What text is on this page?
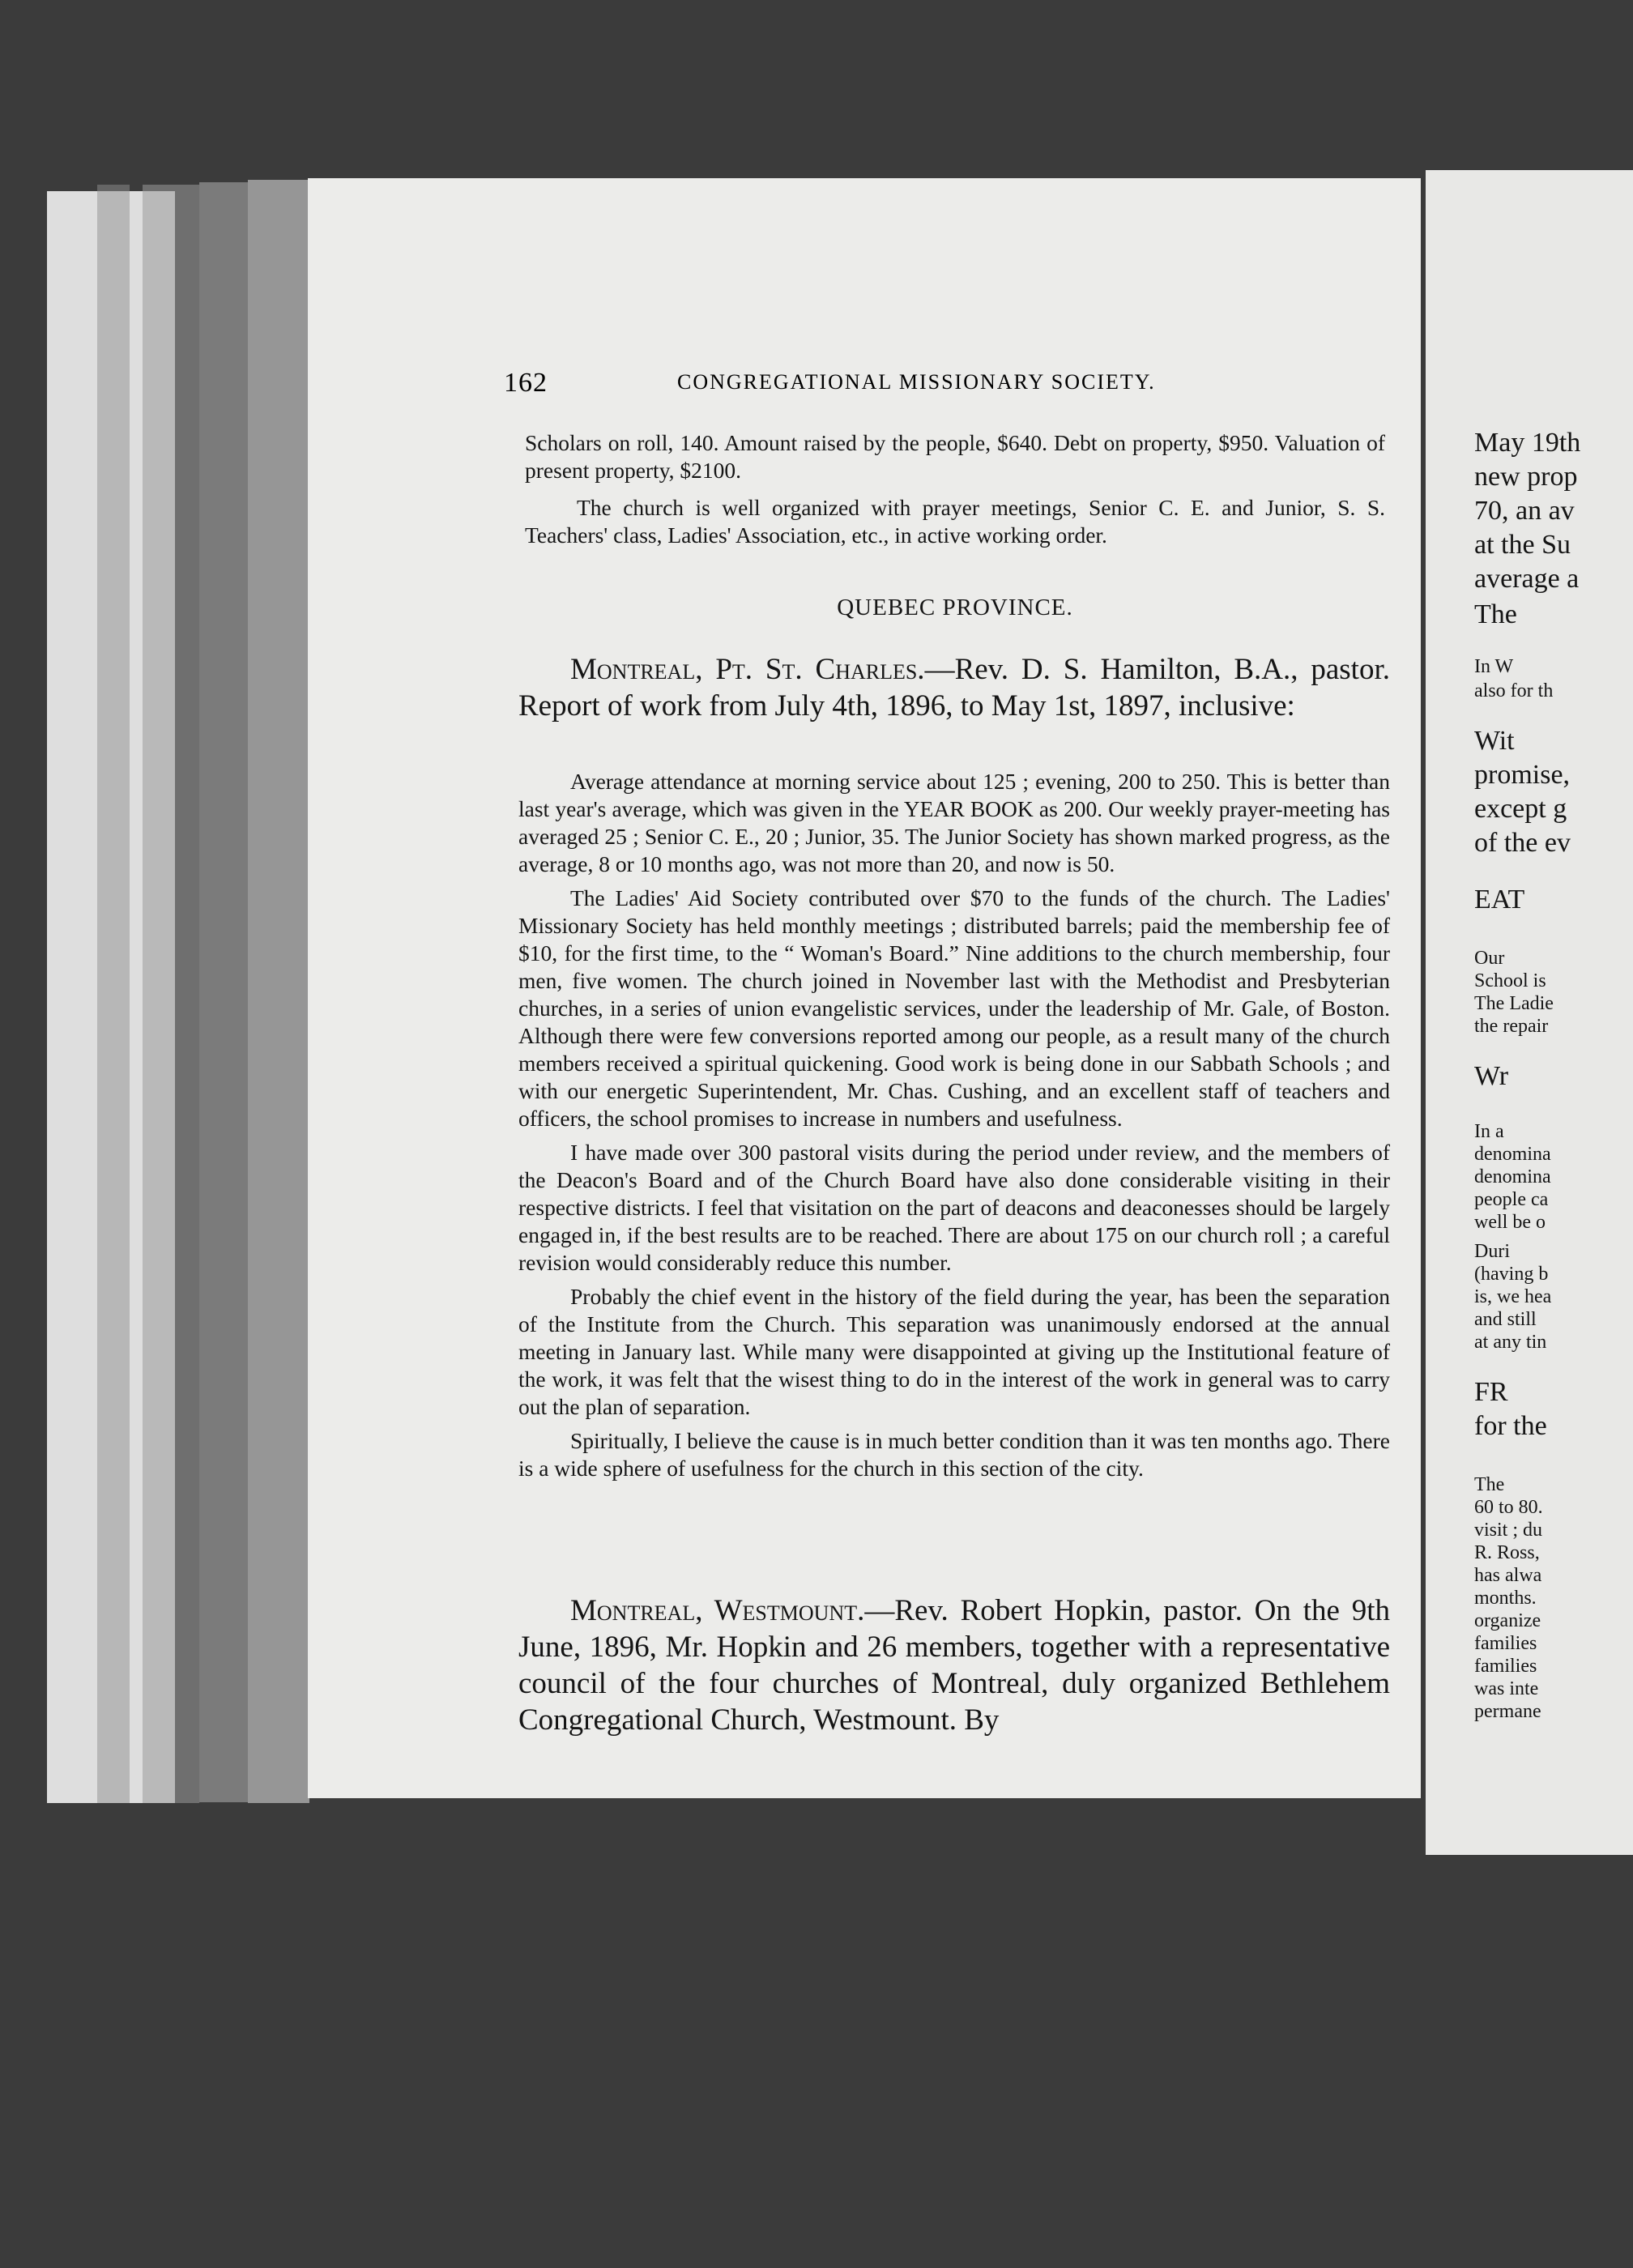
162	CONGREGATIONAL MISSIONARY SOCIETY.

Scholars on roll, 140. Amount raised by the people, $640. Debt on property, $950. Valuation of present property, $2100.

The church is well organized with prayer meetings, Senior C. E. and Junior, S. S. Teachers' class, Ladies' Association, etc., in active working order.

QUEBEC PROVINCE.

Montreal, Pt. St. Charles.—Rev. D. S. Hamilton, B.A., pastor. Report of work from July 4th, 1896, to May 1st, 1897, inclusive:

Average attendance at morning service about 125 ; evening, 200 to 250. This is better than last year's average, which was given in the YEAR BOOK as 200. Our weekly prayer-meeting has averaged 25 ; Senior C. E., 20 ; Junior, 35. The Junior Society has shown marked progress, as the average, 8 or 10 months ago, was not more than 20, and now is 50.

The Ladies' Aid Society contributed over $70 to the funds of the church. The Ladies' Missionary Society has held monthly meetings ; distributed barrels; paid the membership fee of $10, for the first time, to the “ Woman's Board.” Nine additions to the church membership, four men, five women. The church joined in November last with the Methodist and Presbyterian churches, in a series of union evangelistic services, under the leadership of Mr. Gale, of Boston. Although there were few conversions reported among our people, as a result many of the church members received a spiritual quickening. Good work is being done in our Sabbath Schools ; and with our energetic Superintendent, Mr. Chas. Cushing, and an excellent staff of teachers and officers, the school promises to increase in numbers and usefulness.

I have made over 300 pastoral visits during the period under review, and the members of the Deacon's Board and of the Church Board have also done considerable visiting in their respective districts. I feel that visitation on the part of deacons and deaconesses should be largely engaged in, if the best results are to be reached. There are about 175 on our church roll ; a careful revision would considerably reduce this number.

Probably the chief event in the history of the field during the year, has been the separation of the Institute from the Church. This separation was unanimously endorsed at the annual meeting in January last. While many were disappointed at giving up the Institutional feature of the work, it was felt that the wisest thing to do in the interest of the work in general was to carry out the plan of separation.

Spiritually, I believe the cause is in much better condition than it was ten months ago. There is a wide sphere of usefulness for the church in this section of the city.

Montreal, Westmount.—Rev. Robert Hopkin, pastor. On the 9th June, 1896, Mr. Hopkin and 26 members, together with a representative council of the four churches of Montreal, duly organized Bethlehem Congregational Church, Westmount. By

May 19th
new prop
70, an av
at the Su
average a
The
In W
also for th
Wit
promise,
except g
of the ev
EAT
Our
School is
The Ladie
the repair
Wr
In a
denomina
denomina
people ca
well be o
Duri
(having b
is, we hea
and still
at any tin
FR
for the
The
60 to 80.
visit ; du
R. Ross,
has alwa
months.
organize
families
families
was inte
permane
